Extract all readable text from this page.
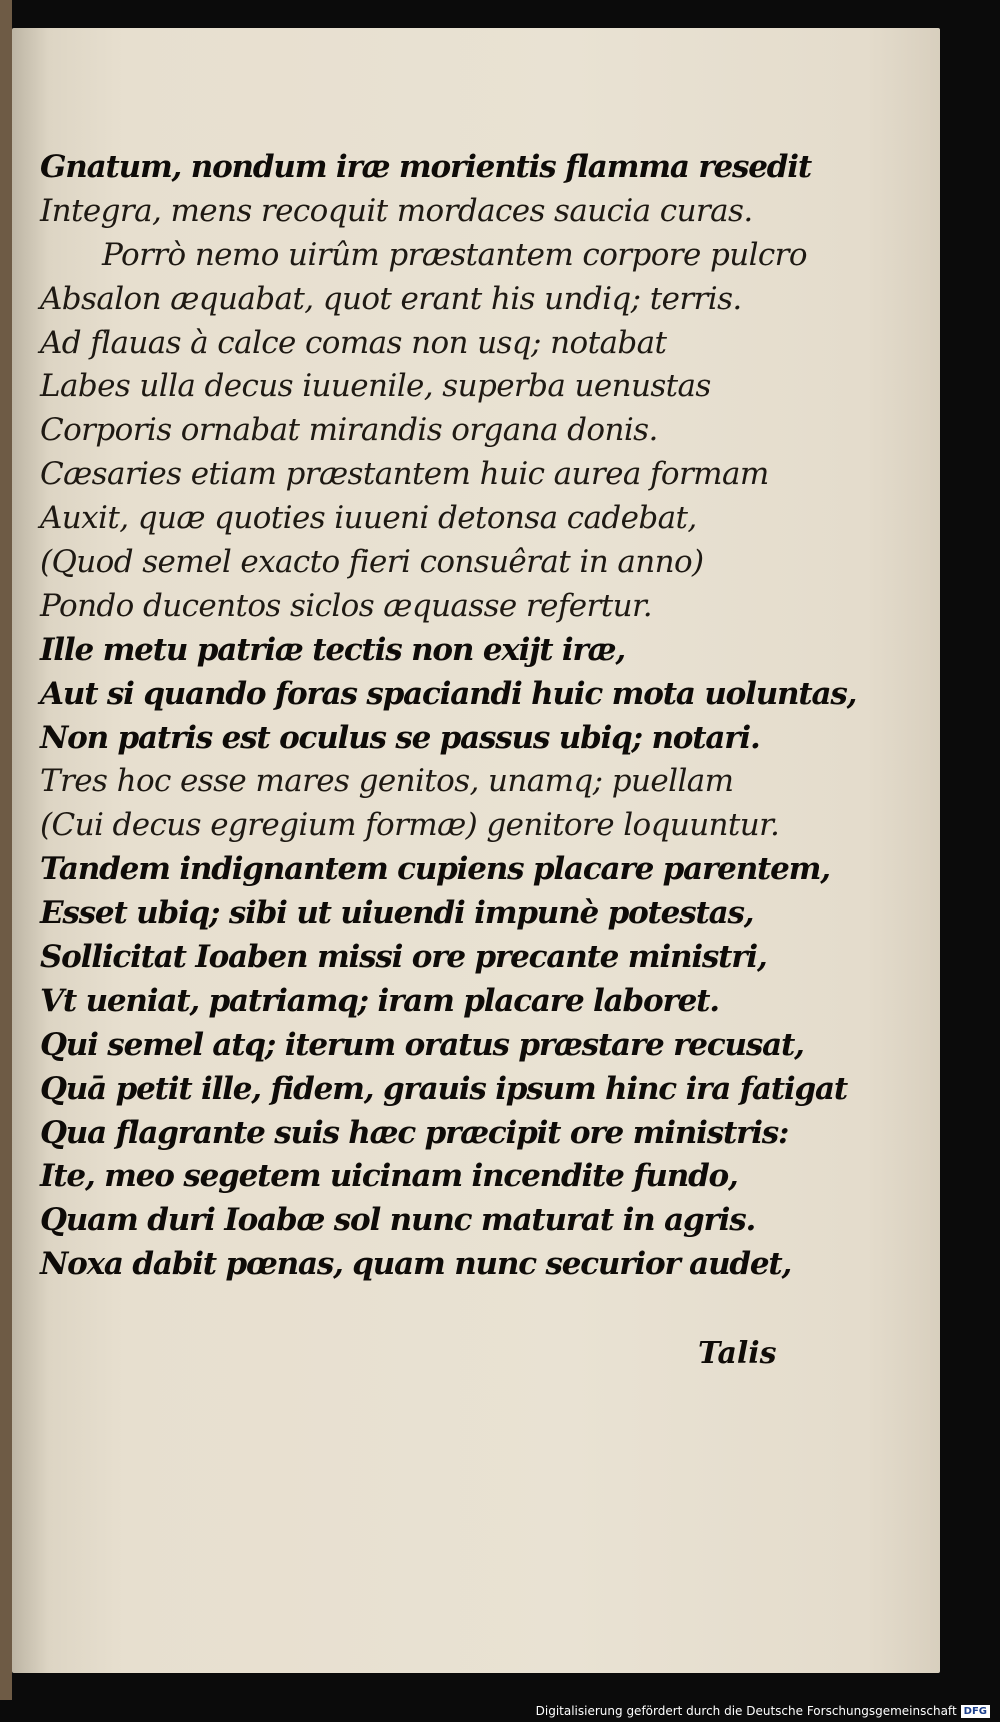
Gnatum, nondum iræ morientis flamma resedit
Integra, mens recoquit mordaces saucia curas.
Porrò nemo uirûm præstantem corpore pulcro
Absalon æquabat, quot erant his undiq; terris.
Ad flauas à calce comas non usq; notabat
Labes ulla decus iuuenile, superba uenustas
Corporis ornabat mirandis organa donis.
Cæsaries etiam præstantem huic aurea formam
Auxit, quæ quoties iuueni detonsa cadebat,
(Quod semel exacto fieri consuêrat in anno)
Pondo ducentos siclos æquasse refertur.
Ille metu patriæ tectis non exijt iræ,
Aut si quando foras spaciandi huic mota uoluntas,
Non patris est oculus se passus ubiq; notari.
Tres hoc esse mares genitos, unamq; puellam
(Cui decus egregium formæ) genitore loquuntur.
Tandem indignantem cupiens placare parentem,
Esset ubiq; sibi ut uiuendi impunè potestas,
Sollicitat Ioaben missi ore precante ministri,
Vt ueniat, patriamq; iram placare laboret.
Qui semel atq; iterum oratus præstare recusat,
Quā petit ille, fidem, grauis ipsum hinc ira fatigat
Qua flagrante suis hæc præcipit ore ministris:
Ite, meo segetem uicinam incendite fundo,
Quam duri Ioabæ sol nunc maturat in agris.
Noxa dabit pœnas, quam nunc securior audet,
Talis
Digitalisierung gefördert durch die Deutsche Forschungsgemeinschaft DFG
